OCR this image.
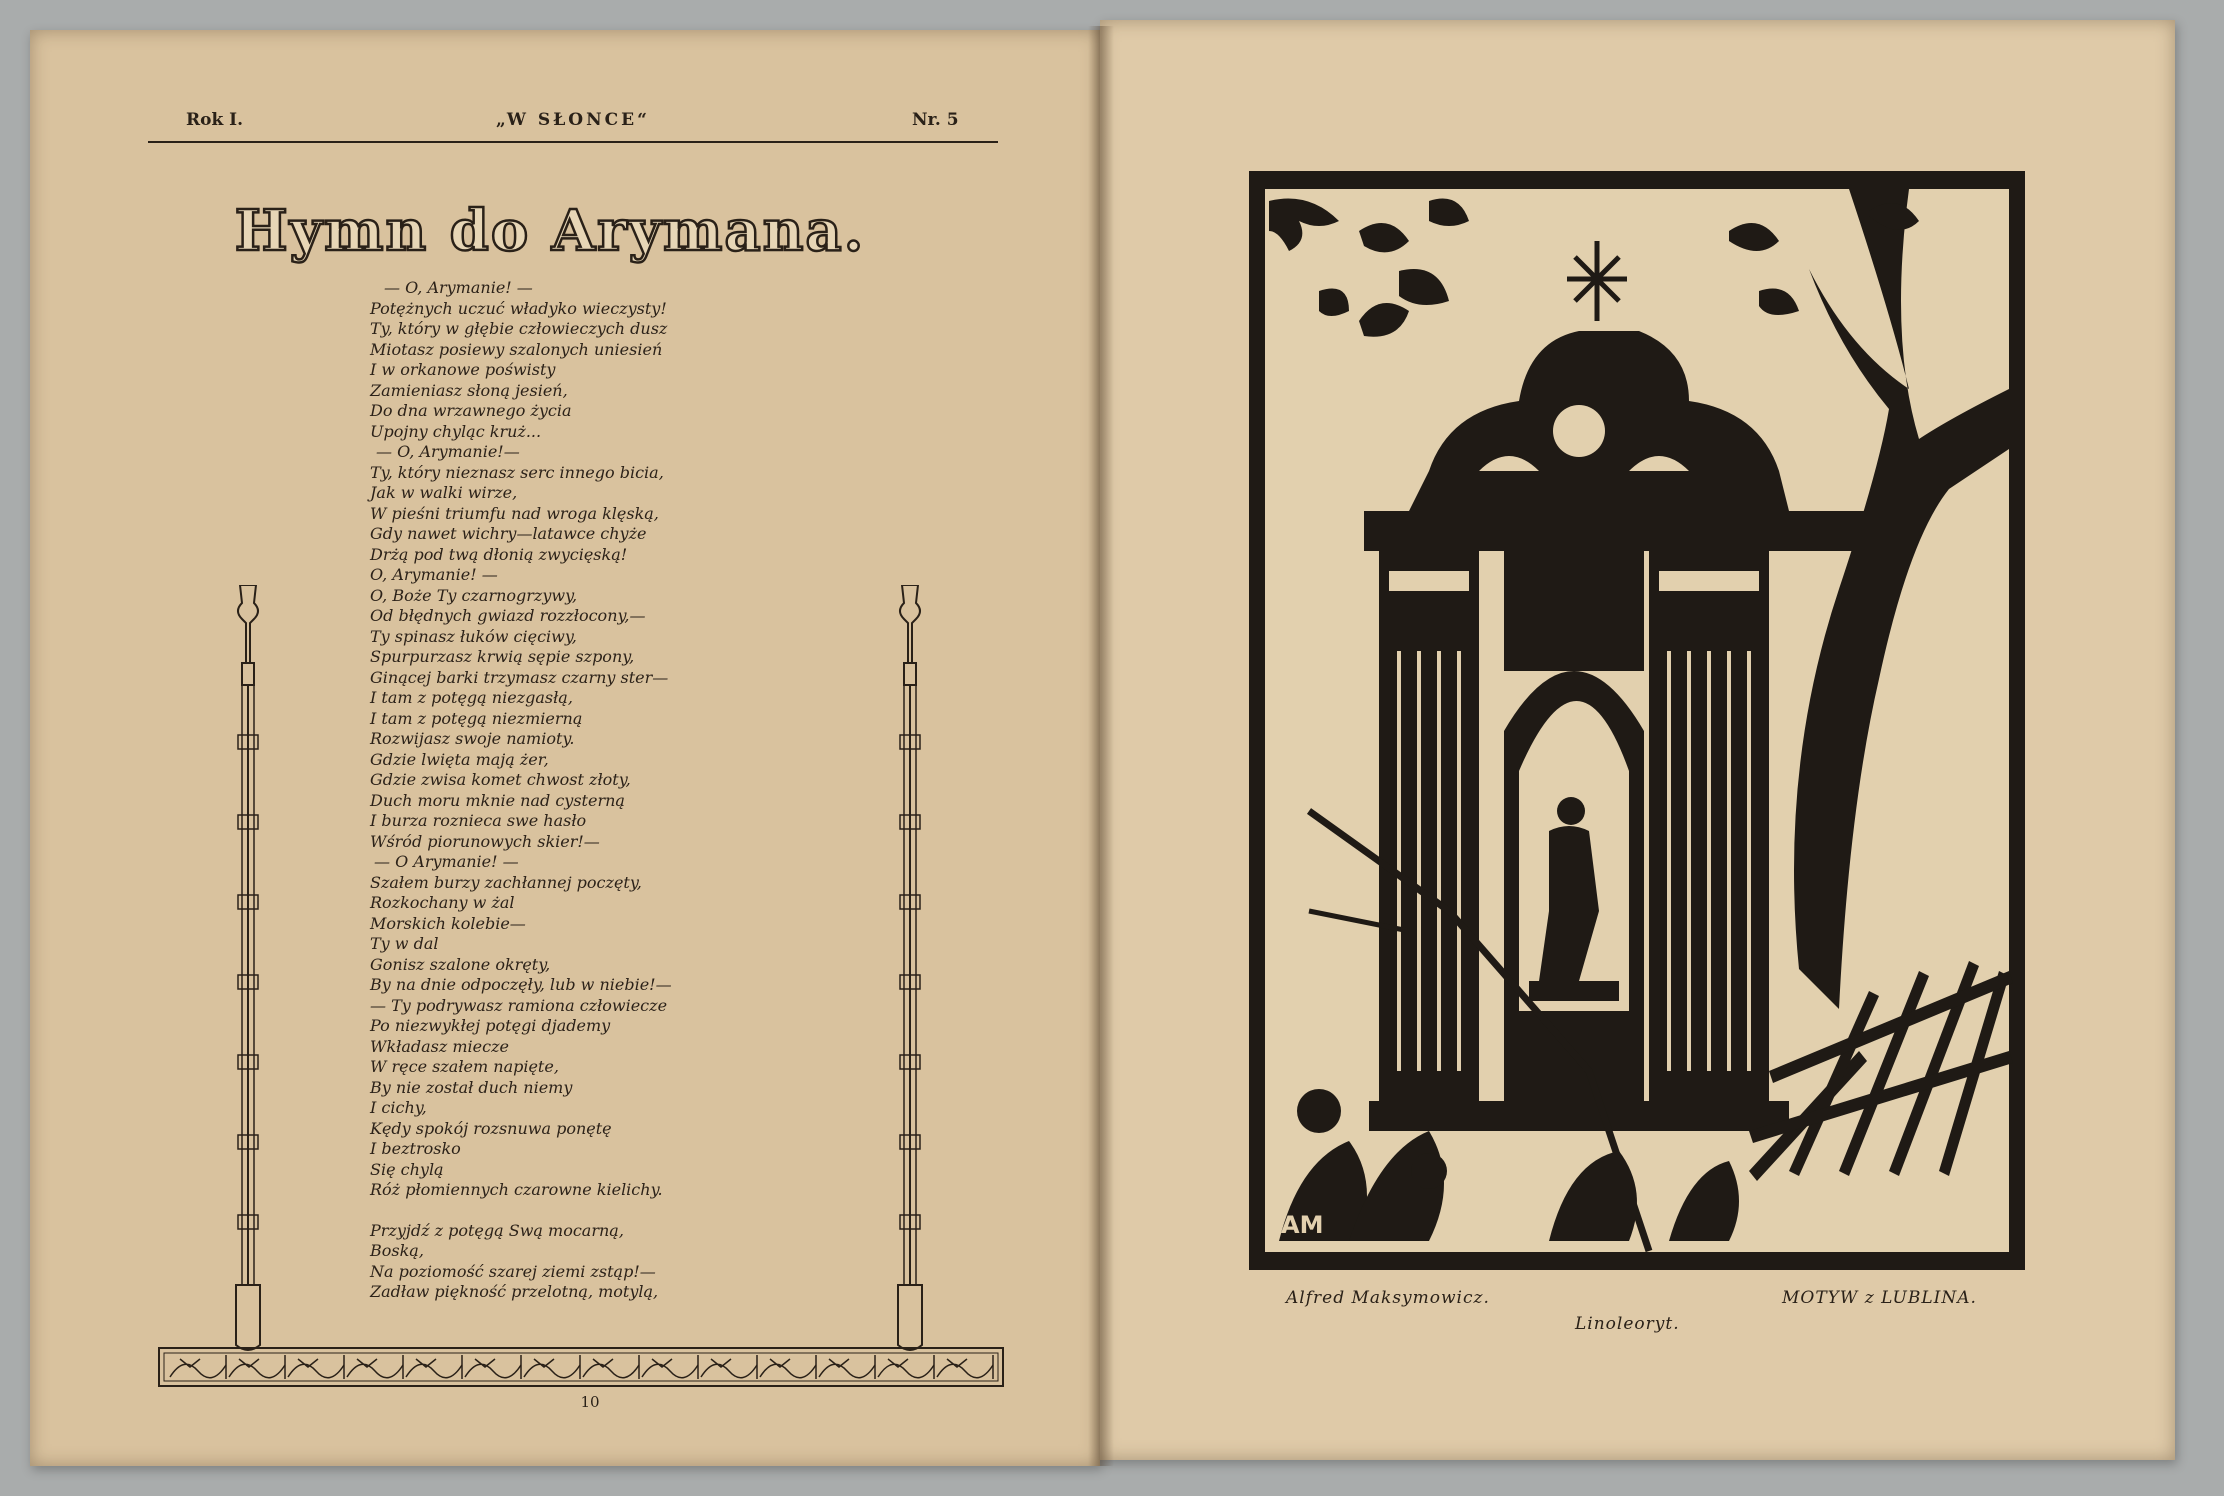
Rok I.	„W SŁONCE“	Nr. 5
Hymn do Arymana.
— O, Arymanie! —
Potężnych uczuć władyko wieczysty!
Ty, który w głębie człowieczych dusz
Miotasz posiewy szalonych uniesień
I w orkanowe poświsty
Zamieniasz słoną jesień,
Do dna wrzawnego życia
Upojny chyląc kruż...
— O, Arymanie!—
Ty, który nieznasz serc innego bicia,
Jak w walki wirze,
W pieśni triumfu nad wroga klęską,
Gdy nawet wichry—latawce chyże
Drżą pod twą dłonią zwycięską!
O, Arymanie! —
O, Boże Ty czarnogrzywy,
Od błędnych gwiazd rozzłocony,—
Ty spinasz łuków cięciwy,
Spurpurzasz krwią sępie szpony,
Ginącej barki trzymasz czarny ster—
I tam z potęgą niezgasłą,
I tam z potęgą niezmierną
Rozwijasz swoje namioty.
Gdzie lwięta mają żer,
Gdzie zwisa komet chwost złoty,
Duch moru mknie nad cysterną
I burza roznieca swe hasło
Wśród piorunowych skier!—
— O Arymanie! —
Szałem burzy zachłannej poczęty,
Rozkochany w żal
Morskich kolebie—
Ty w dal
Gonisz szalone okręty,
By na dnie odpoczęły, lub w niebie!—
— Ty podrywasz ramiona człowiecze
Po niezwykłej potęgi djademy
Wkładasz miecze
W ręce szałem napięte,
By nie został duch niemy
I cichy,
Kędy spokój rozsnuwa ponętę
I beztrosko
Się chylą
Róż płomiennych czarowne kielichy.
Przyjdź z potęgą Swą mocarną,
Boską,
Na poziomość szarej ziemi zstąp!—
Zadław piękność przelotną, motylą,
10
AM
Alfred Maksymowicz.
Linoleoryt.
MOTYW z LUBLINA.
